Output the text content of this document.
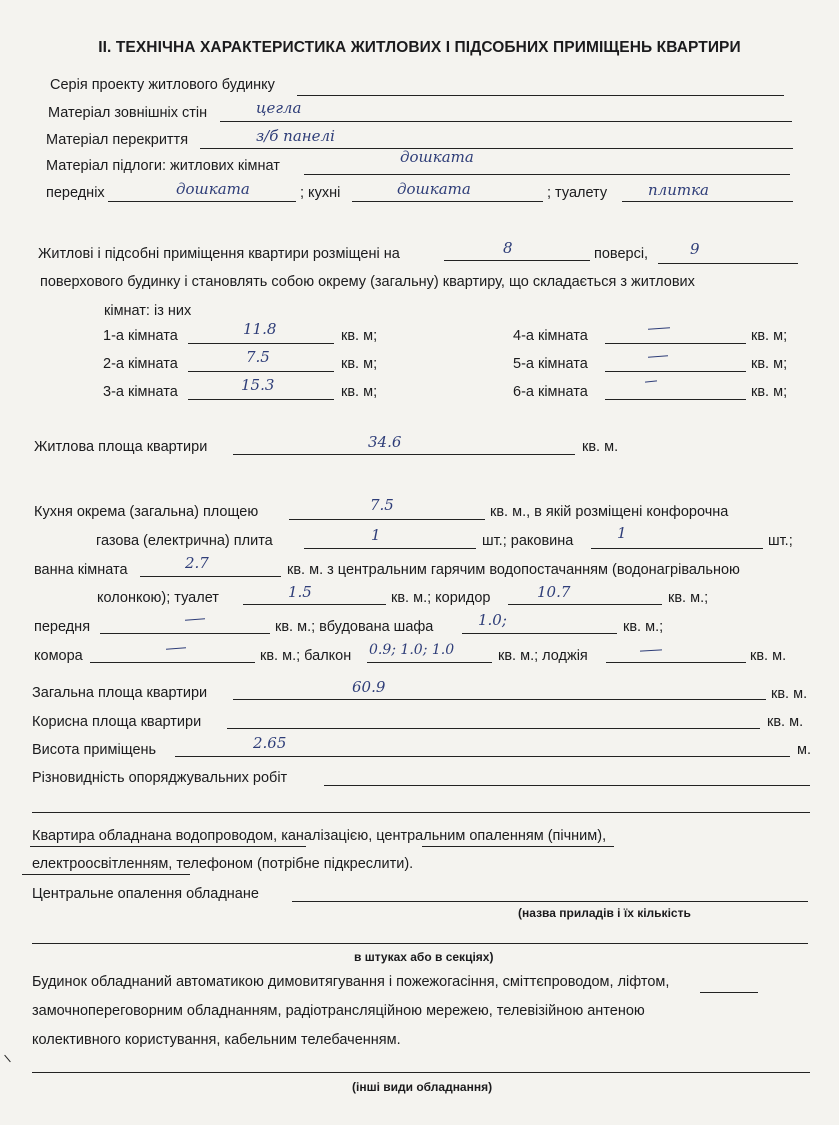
II. ТЕХНІЧНА ХАРАКТЕРИСТИКА ЖИТЛОВИХ І ПІДСОБНИХ ПРИМІЩЕНЬ КВАРТИРИ
Серія проекту житлового будинку
Матеріал зовнішніх стін	цегла
Матеріал перекриття	з/б панелі
Матеріал підлоги: житлових кімнат	дошката
передніх	дошката	; кухні	дошката	; туалету	плитка
Житлові і підсобні приміщення квартири розміщені на	8	поверсі,	9
поверхового будинку і становлять собою окрему (загальну) квартиру, що складається з житлових
кімнат: із них
1-а кімната	11.8	кв. м;
2-а кімната	7.5	кв. м;
3-а кімната	15.3	кв. м;
4-а кімната	кв. м;
5-а кімната	кв. м;
6-а кімната	кв. м;
Житлова площа квартири	34.6	кв. м.
Кухня окрема (загальна) площею	7.5	кв. м., в якій розміщені конфорочна
газова (електрична) плита	1	шт.; раковина	1	шт.;
ванна кімната	2.7	кв. м. з центральним гарячим водопостачанням (водонагрівальною
колонкою); туалет	1.5	кв. м.; коридор	10.7	кв. м.;
передня	кв. м.; вбудована шафа	1.0;	кв. м.;
комора	кв. м.; балкон 0.9; 1.0; 1.0	кв. м.; лоджія	кв. м.
Загальна площа квартири	60.9	кв. м.
Корисна площа квартири	кв. м.
Висота приміщень	2.65	м.
Різновидність опоряджувальних робіт
Квартира обладнана водопроводом, каналізацією, центральним опаленням (пічним),
електроосвітленням, телефоном (потрібне підкреслити).
Центральне опалення обладнане
(назва приладів і їх кількість
в штуках або в секціях)
Будинок обладнаний автоматикою димовитягування і пожежогасіння, сміттєпроводом, ліфтом,
замочнопереговорним обладнанням, радіотрансляційною мережею, телевізійною антеною
колективного користування, кабельним телебаченням.
(інші види обладнання)
